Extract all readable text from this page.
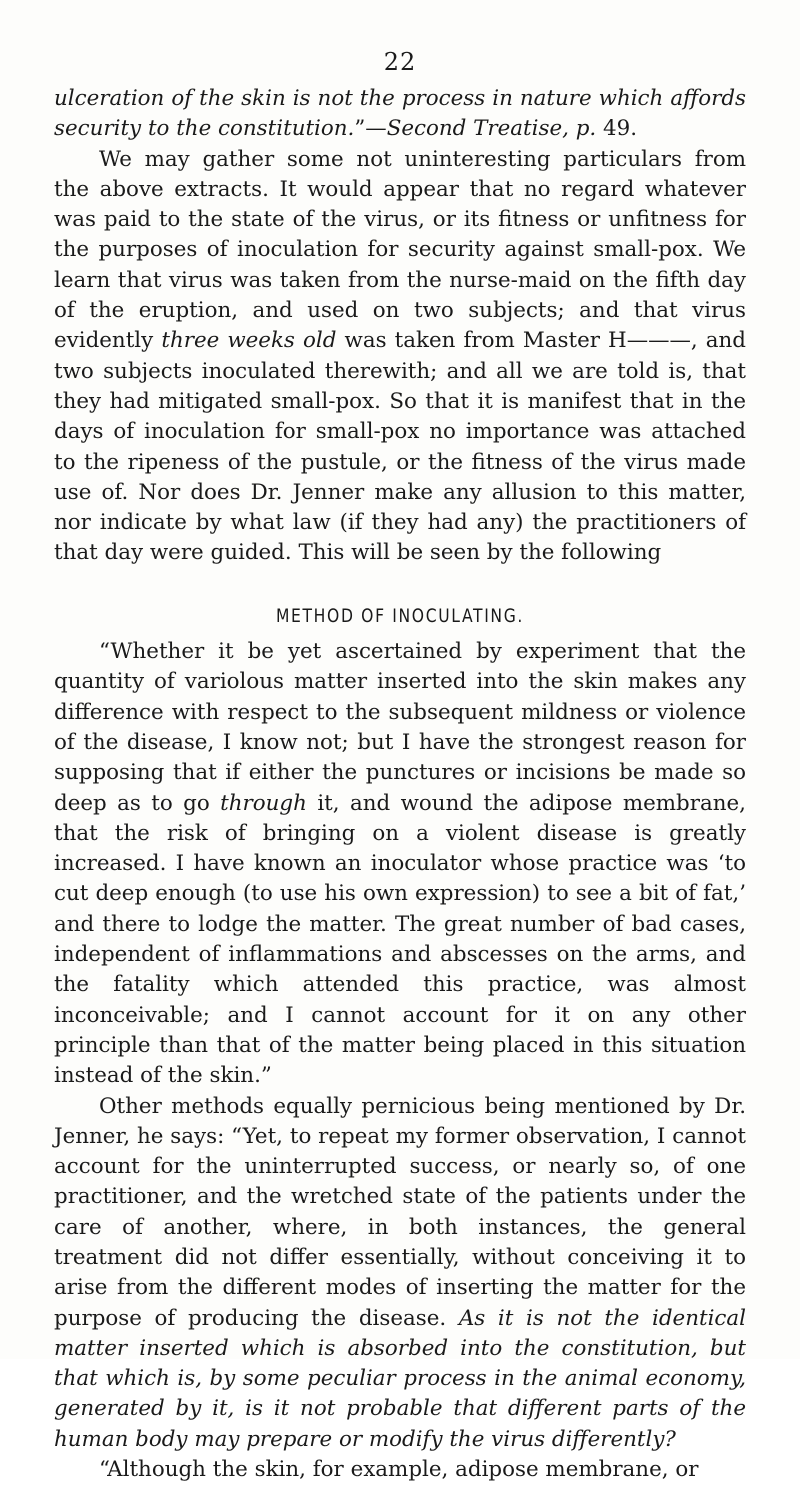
22

ulceration of the skin is not the process in nature which affords security to the constitution.”—Second Treatise, p. 49.

We may gather some not uninteresting particulars from the above extracts. It would appear that no regard whatever was paid to the state of the virus, or its fitness or unfitness for the purposes of inoculation for security against small-pox. We learn that virus was taken from the nurse-maid on the fifth day of the eruption, and used on two subjects; and that virus evidently three weeks old was taken from Master H———, and two subjects inoculated therewith; and all we are told is, that they had mitigated small-pox. So that it is manifest that in the days of inoculation for small-pox no importance was attached to the ripeness of the pustule, or the fitness of the virus made use of. Nor does Dr. Jenner make any allusion to this matter, nor indicate by what law (if they had any) the practitioners of that day were guided. This will be seen by the following

METHOD OF INOCULATING.

“Whether it be yet ascertained by experiment that the quantity of variolous matter inserted into the skin makes any difference with respect to the subsequent mildness or violence of the disease, I know not; but I have the strongest reason for supposing that if either the punctures or incisions be made so deep as to go through it, and wound the adipose membrane, that the risk of bringing on a violent disease is greatly increased. I have known an inoculator whose practice was ‘to cut deep enough (to use his own expression) to see a bit of fat,’ and there to lodge the matter. The great number of bad cases, independent of inflammations and abscesses on the arms, and the fatality which attended this practice, was almost inconceivable; and I cannot account for it on any other principle than that of the matter being placed in this situation instead of the skin.”

Other methods equally pernicious being mentioned by Dr. Jenner, he says: “Yet, to repeat my former observation, I cannot account for the uninterrupted success, or nearly so, of one practitioner, and the wretched state of the patients under the care of another, where, in both instances, the general treatment did not differ essentially, without conceiving it to arise from the different modes of inserting the matter for the purpose of producing the disease. As it is not the identical matter inserted which is absorbed into the constitution, but that which is, by some peculiar process in the animal economy, generated by it, is it not probable that different parts of the human body may prepare or modify the virus differently?

“Although the skin, for example, adipose membrane, or
